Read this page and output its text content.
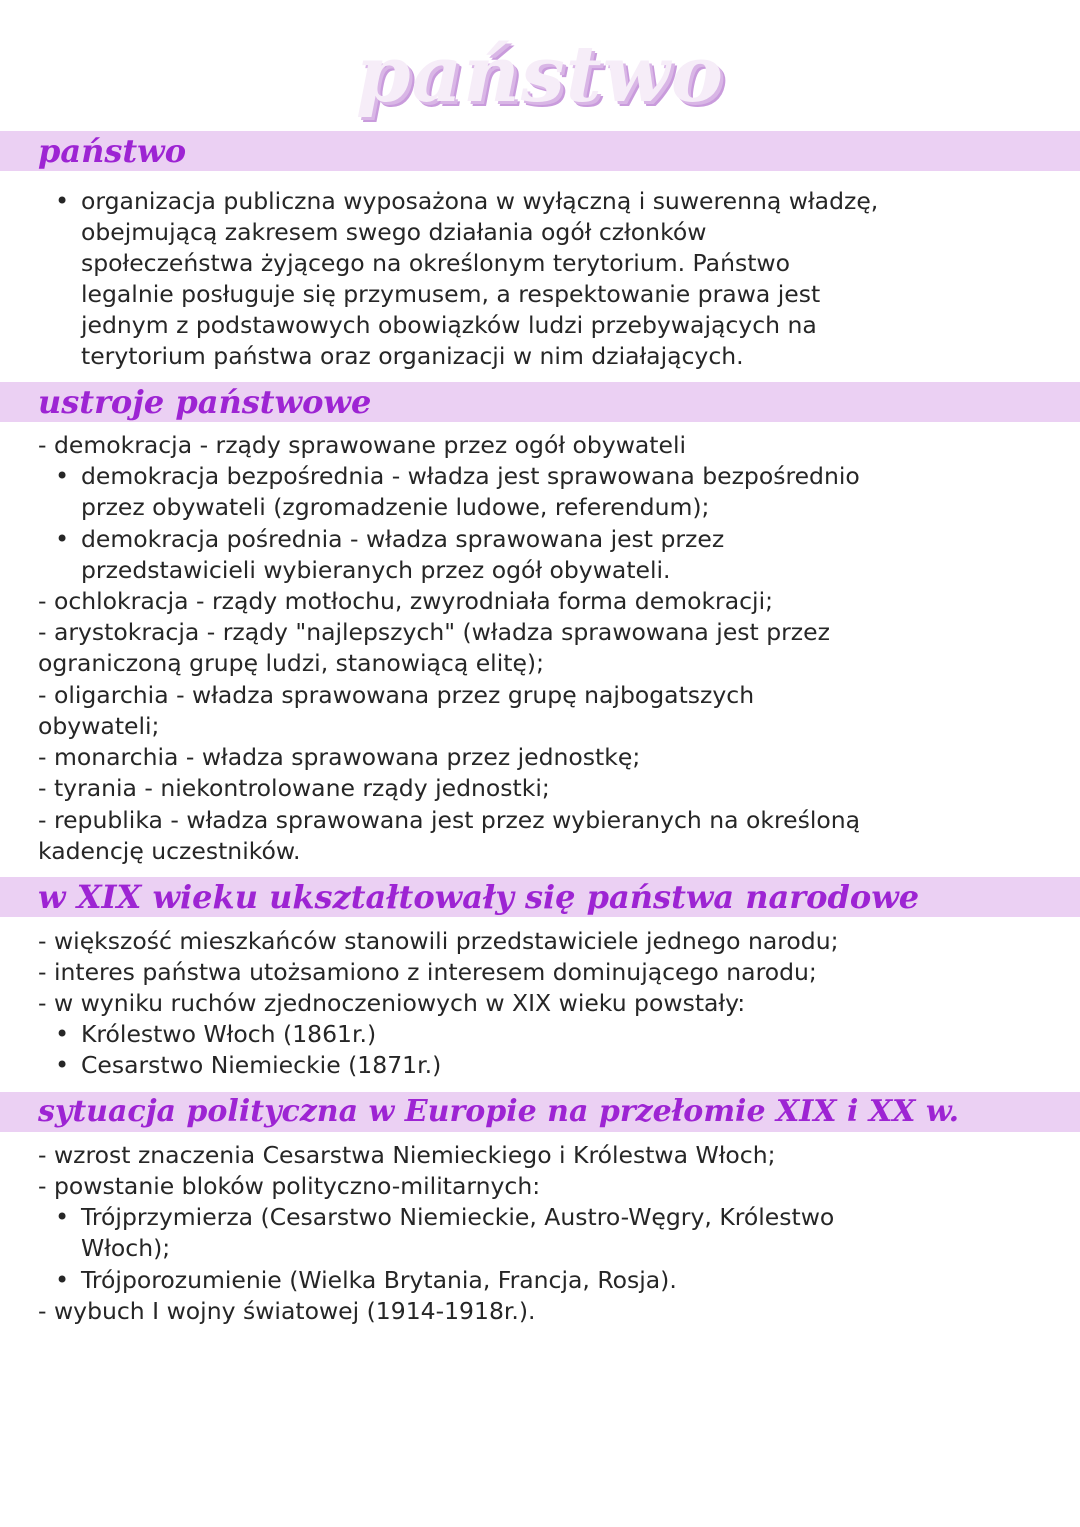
państwo
państwo
• organizacja publiczna wyposażona w wyłączną i suwerenną władzę,

obejmującą zakresem swego działania ogół członków

społeczeństwa żyjącego na określonym terytorium. Państwo

legalnie posługuje się przymusem, a respektowanie prawa jest

jednym z podstawowych obowiązków ludzi przebywających na

terytorium państwa oraz organizacji w nim działających.

ustroje państwowe

- demokracja - rządy sprawowane przez ogół obywateli

• demokracja bezpośrednia - władza jest sprawowana bezpośrednio

przez obywateli (zgromadzenie ludowe, referendum);

• demokracja pośrednia - władza sprawowana jest przez

przedstawicieli wybieranych przez ogół obywateli.

- ochlokracja - rządy motłochu, zwyrodniała forma demokracji;

- arystokracja - rządy "najlepszych" (władza sprawowana jest przez

ograniczoną grupę ludzi, stanowiącą elitę);

- oligarchia - władza sprawowana przez grupę najbogatszych

obywateli;

- monarchia - władza sprawowana przez jednostkę;

- tyrania - niekontrolowane rządy jednostki;

- republika - władza sprawowana jest przez wybieranych na określoną

kadencję uczestników.

w XIX wieku ukształtowały się państwa narodowe

- większość mieszkańców stanowili przedstawiciele jednego narodu;

- interes państwa utożsamiono z interesem dominującego narodu;

- w wyniku ruchów zjednoczeniowych w XIX wieku powstały:

• Królestwo Włoch (1861r.)

• Cesarstwo Niemieckie (1871r.)

sytuacja polityczna w Europie na przełomie XIX i XX w.

- wzrost znaczenia Cesarstwa Niemieckiego i Królestwa Włoch;

- powstanie bloków polityczno-militarnych:

• Trójprzymierza (Cesarstwo Niemieckie, Austro-Węgry, Królestwo

Włoch);

• Trójporozumienie (Wielka Brytania, Francja, Rosja).

- wybuch I wojny światowej (1914-1918r.).
